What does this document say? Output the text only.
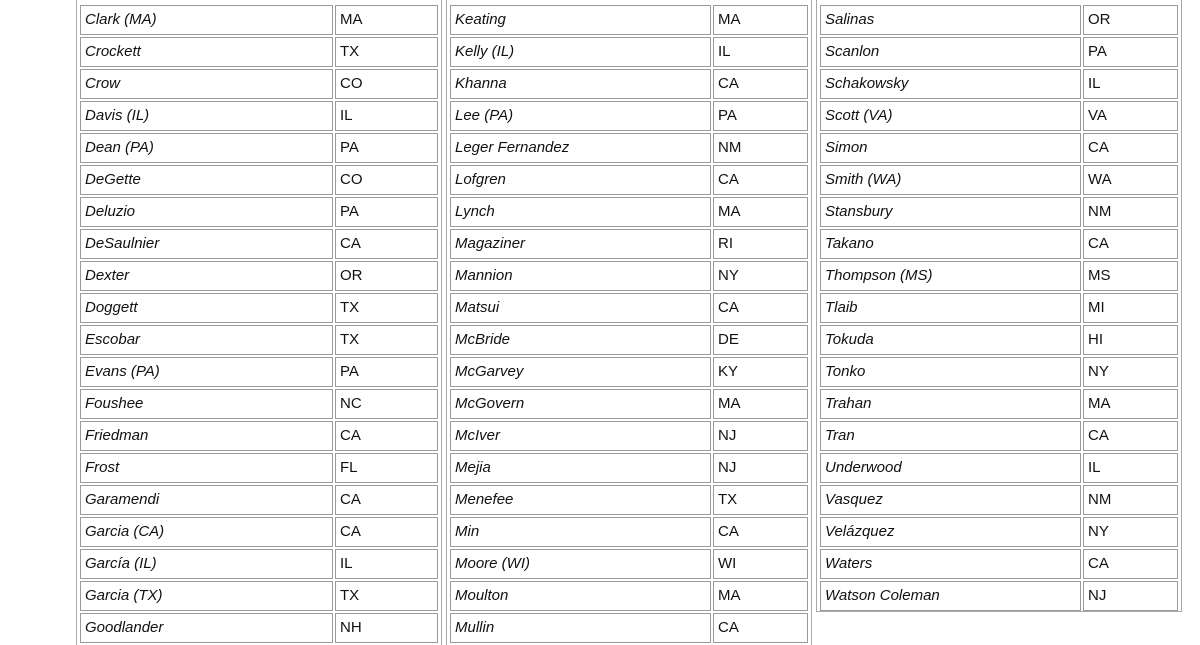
Clark (MA)	MA
Crockett	TX
Crow	CO
Davis (IL)	IL
Dean (PA)	PA
DeGette	CO
Deluzio	PA
DeSaulnier	CA
Dexter	OR
Doggett	TX
Escobar	TX
Evans (PA)	PA
Foushee	NC
Friedman	CA
Frost	FL
Garamendi	CA
Garcia (CA)	CA
García (IL)	IL
Garcia (TX)	TX
Goodlander	NH

Keating	MA
Kelly (IL)	IL
Khanna	CA
Lee (PA)	PA
Leger Fernandez	NM
Lofgren	CA
Lynch	MA
Magaziner	RI
Mannion	NY
Matsui	CA
McBride	DE
McGarvey	KY
McGovern	MA
McIver	NJ
Mejia	NJ
Menefee	TX
Min	CA
Moore (WI)	WI
Moulton	MA
Mullin	CA

Salinas	OR
Scanlon	PA
Schakowsky	IL
Scott (VA)	VA
Simon	CA
Smith (WA)	WA
Stansbury	NM
Takano	CA
Thompson (MS)	MS
Tlaib	MI
Tokuda	HI
Tonko	NY
Trahan	MA
Tran	CA
Underwood	IL
Vasquez	NM
Velázquez	NY
Waters	CA
Watson Coleman	NJ
